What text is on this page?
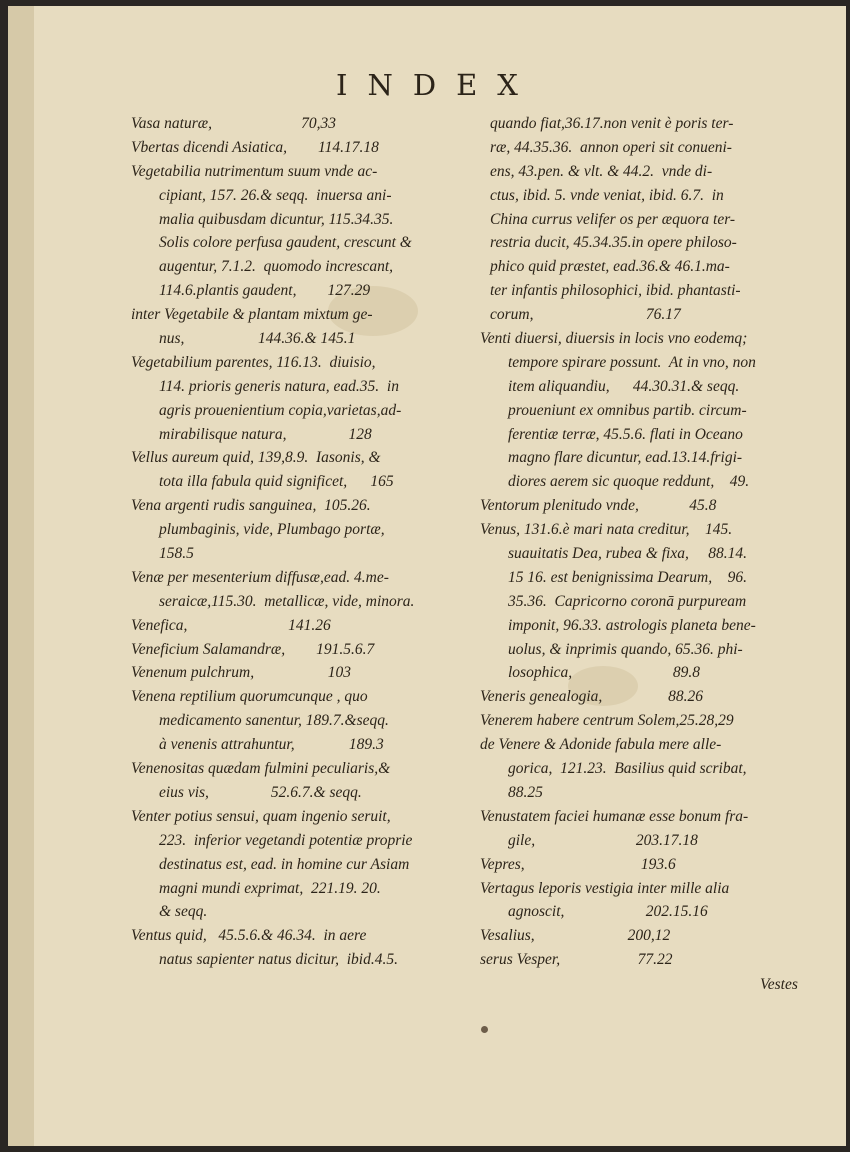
INDEX
Vasa naturæ,                       70,33
Vbertas dicendi Asiatica,        114.17.18
Vegetabilia nutrimentum suum vnde ac-
cipiant, 157. 26.& seqq.  inuersa ani-
malia quibusdam dicuntur, 115.34.35.
Solis colore perfusa gaudent, crescunt &
augentur, 7.1.2.  quomodo increscant,
114.6.plantis gaudent,        127.29
inter Vegetabile & plantam mixtum ge-
nus,                   144.36.& 145.1
Vegetabilium parentes, 116.13.  diuisio,
114. prioris generis natura, ead.35.  in
agris prouenientium copia,varietas,ad-
mirabilisque natura,                128
Vellus aureum quid, 139,8.9.  Iasonis, &
tota illa fabula quid significet,      165
Vena argenti rudis sanguinea,  105.26.
plumbaginis, vide, Plumbago portæ,
158.5
Venæ per mesenterium diffusæ,ead. 4.me-
seraicæ,115.30.  metallicæ, vide, minora.
Venefica,                          141.26
Veneficium Salamandræ,        191.5.6.7
Venenum pulchrum,                   103
Venena reptilium quorumcunque , quo
medicamento sanentur, 189.7.&seqq.
à venenis attrahuntur,              189.3
Venenositas quædam fulmini peculiaris,&
eius vis,                52.6.7.& seqq.
Venter potius sensui, quam ingenio seruit,
223.  inferior vegetandi potentiæ proprie
destinatus est, ead. in homine cur Asiam
magni mundi exprimat,  221.19. 20.
& seqq.
Ventus quid,   45.5.6.& 46.34.  in aere
natus sapienter natus dicitur,  ibid.4.5.
quando fiat,36.17.non venit è poris ter-
ræ, 44.35.36.  annon operi sit conueni-
ens, 43.pen. & vlt. & 44.2.  vnde di-
ctus, ibid. 5. vnde veniat, ibid. 6.7.  in
China currus velifer os per æquora ter-
restria ducit, 45.34.35.in opere philoso-
phico quid præstet, ead.36.& 46.1.ma-
ter infantis philosophici, ibid. phantasti-
corum,                             76.17
Venti diuersi, diuersis in locis vno eodemq;
tempore spirare possunt.  At in vno, non
item aliquandiu,      44.30.31.& seqq.
proueniunt ex omnibus partib. circum-
ferentiæ terræ, 45.5.6. flati in Oceano
magno flare dicuntur, ead.13.14.frigi-
diores aerem sic quoque reddunt,    49.
Ventorum plenitudo vnde,             45.8
Venus, 131.6.è mari nata creditur,    145.
suauitatis Dea, rubea & fixa,     88.14.
15 16. est benignissima Dearum,    96.
35.36.  Capricorno coronā purpuream
imponit, 96.33. astrologis planeta bene-
uolus, & inprimis quando, 65.36. phi-
losophica,                          89.8
Veneris genealogia,                 88.26
Venerem habere centrum Solem,25.28,29
de Venere & Adonide fabula mere alle-
gorica,  121.23.  Basilius quid scribat,
88.25
Venustatem faciei humanæ esse bonum fra-
gile,                          203.17.18
Vepres,                              193.6
Vertagus leporis vestigia inter mille alia
agnoscit,                     202.15.16
Vesalius,                        200,12
serus Vesper,                    77.22
Vestes
